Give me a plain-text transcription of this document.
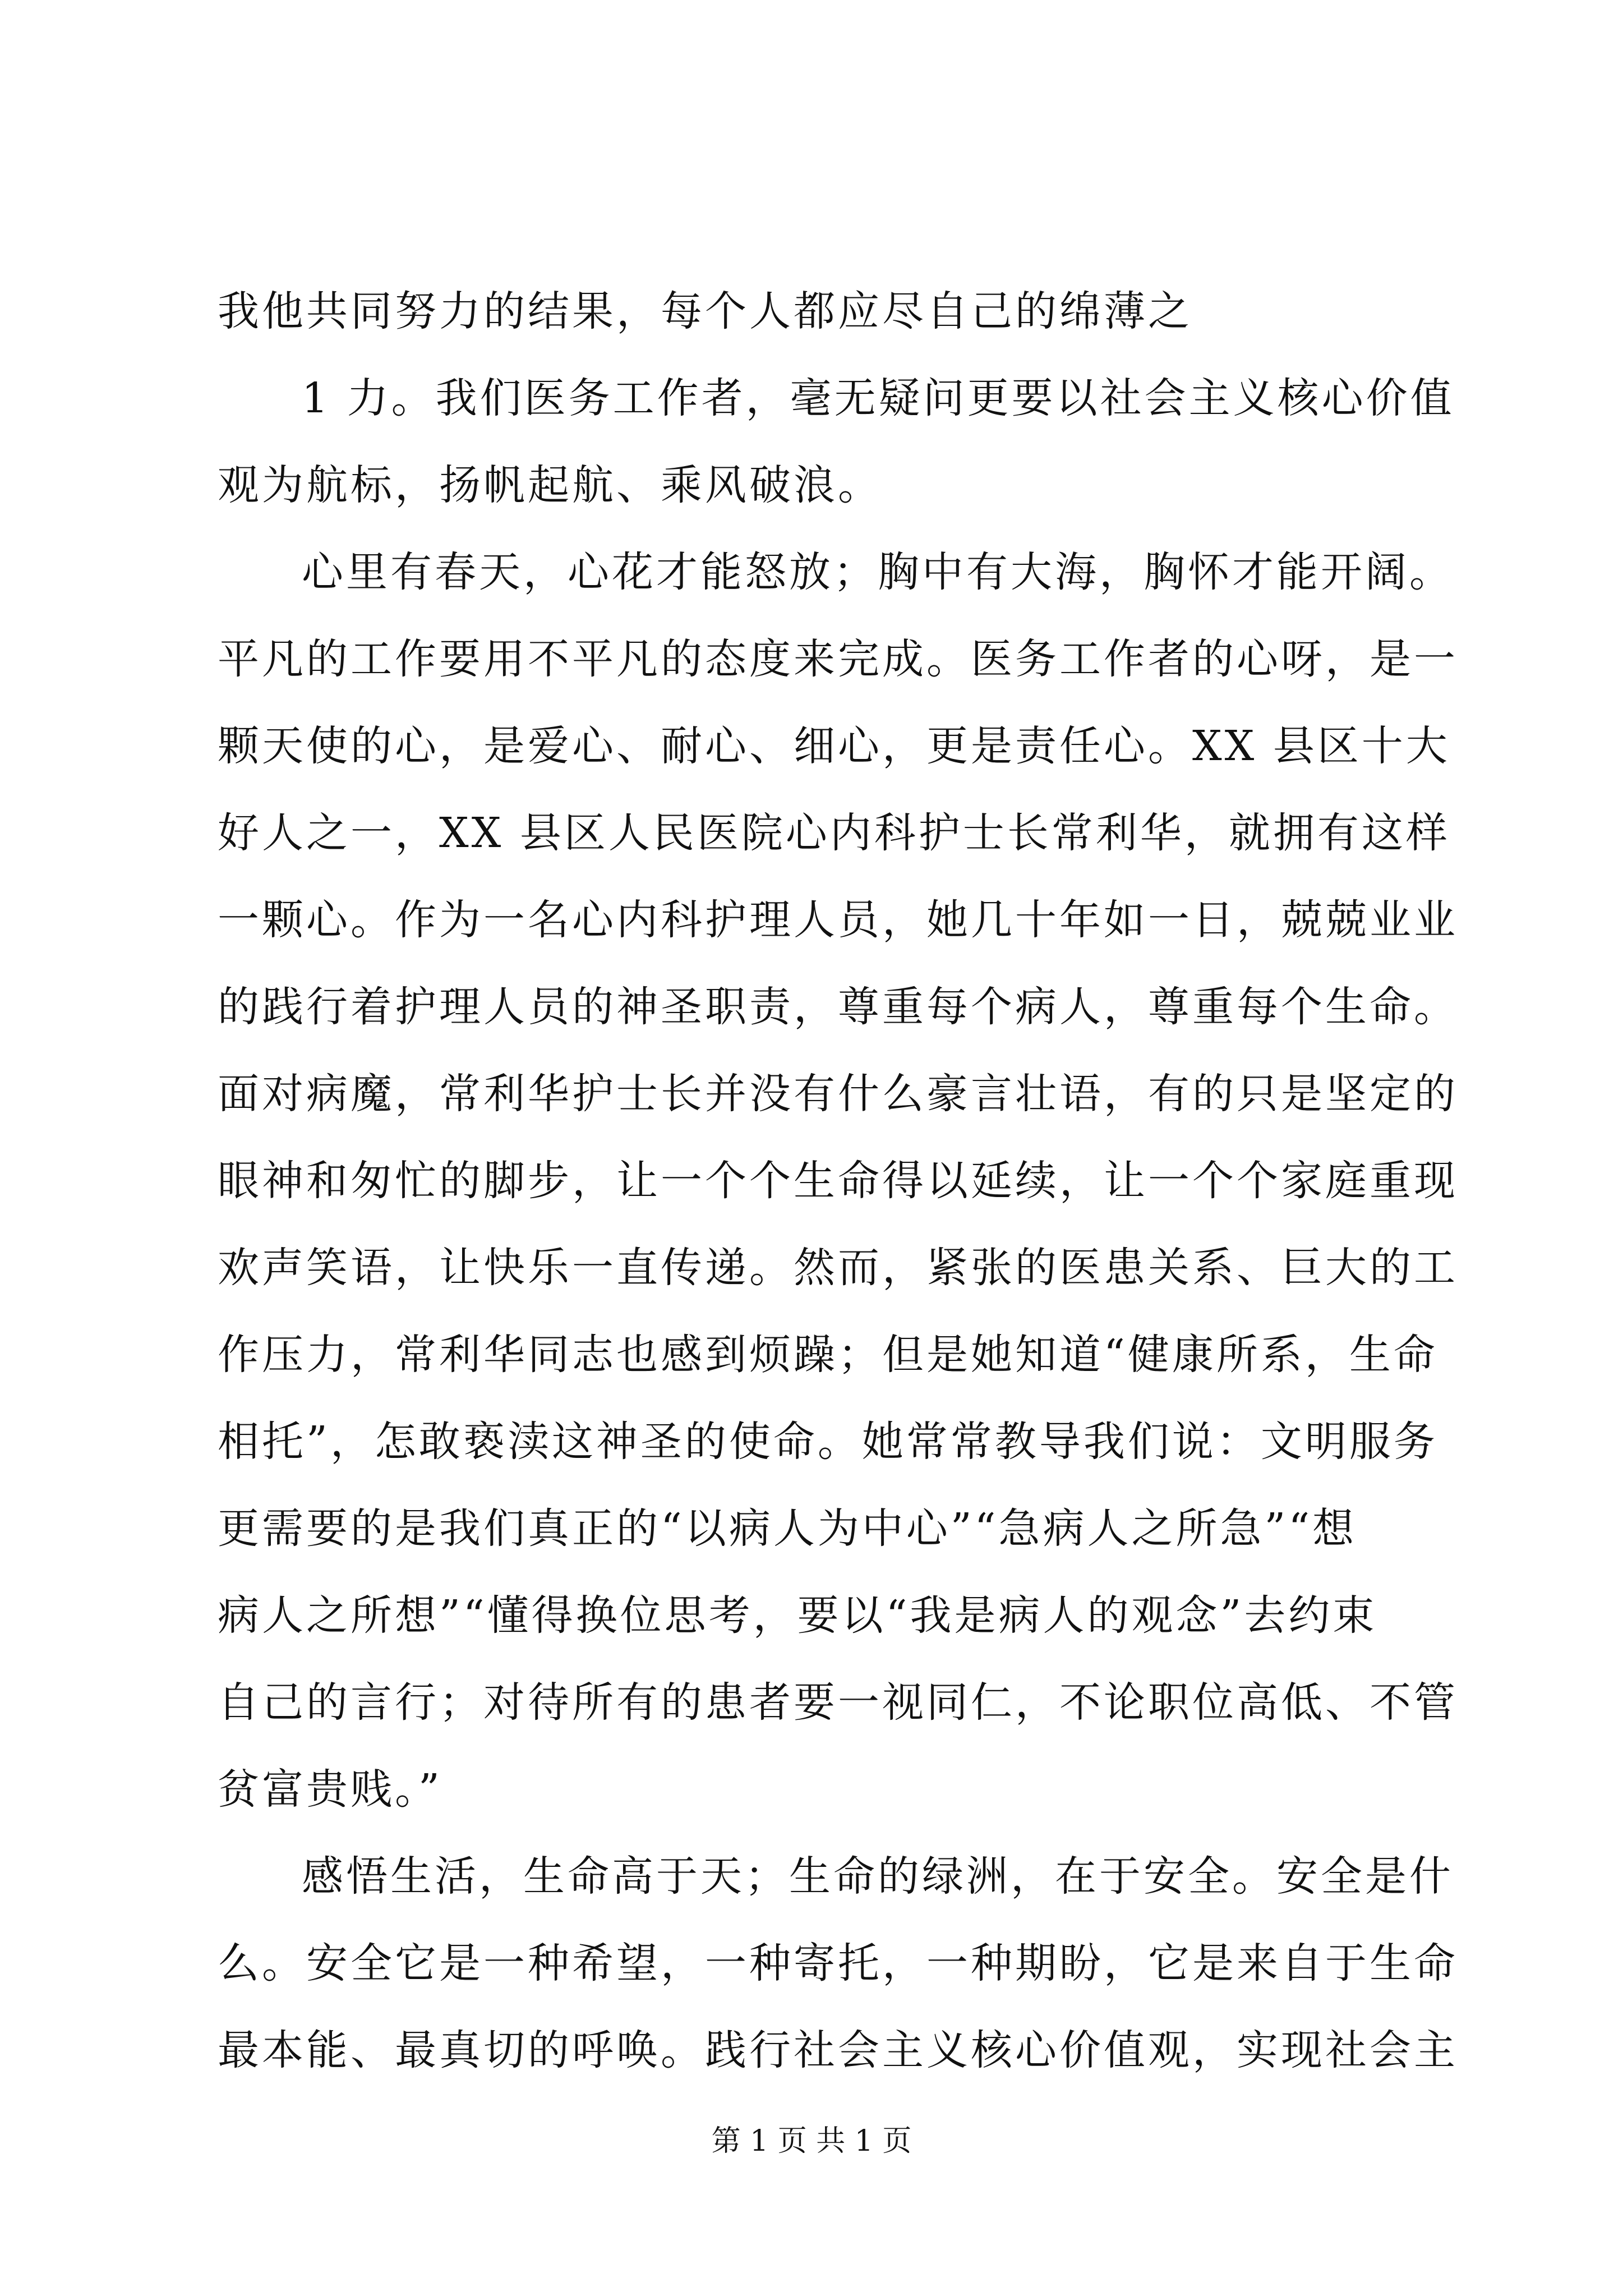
我他共同努力的结果，每个人都应尽自己的绵薄之
1 力。我们医务工作者，毫无疑问更要以社会主义核心价值
观为航标，扬帆起航、乘风破浪。
心里有春天，心花才能怒放；胸中有大海，胸怀才能开阔。
平凡的工作要用不平凡的态度来完成。医务工作者的心呀，是一
颗天使的心，是爱心、耐心、细心，更是责任心。XX 县区十大
好人之一，XX 县区人民医院心内科护士长常利华，就拥有这样
一颗心。作为一名心内科护理人员，她几十年如一日，兢兢业业
的践行着护理人员的神圣职责，尊重每个病人，尊重每个生命。
面对病魔，常利华护士长并没有什么豪言壮语，有的只是坚定的
眼神和匆忙的脚步，让一个个生命得以延续，让一个个家庭重现
欢声笑语，让快乐一直传递。然而，紧张的医患关系、巨大的工
作压力，常利华同志也感到烦躁；但是她知道“健康所系，生命
相托”，怎敢亵渎这神圣的使命。她常常教导我们说：文明服务
更需要的是我们真正的“以病人为中心”“急病人之所急”“想
病人之所想”“懂得换位思考，要以“我是病人的观念”去约束
自己的言行；对待所有的患者要一视同仁，不论职位高低、不管
贫富贵贱。”
感悟生活，生命高于天；生命的绿洲，在于安全。安全是什
么。安全它是一种希望，一种寄托，一种期盼，它是来自于生命
最本能、最真切的呼唤。践行社会主义核心价值观，实现社会主
第 1 页 共 1 页
